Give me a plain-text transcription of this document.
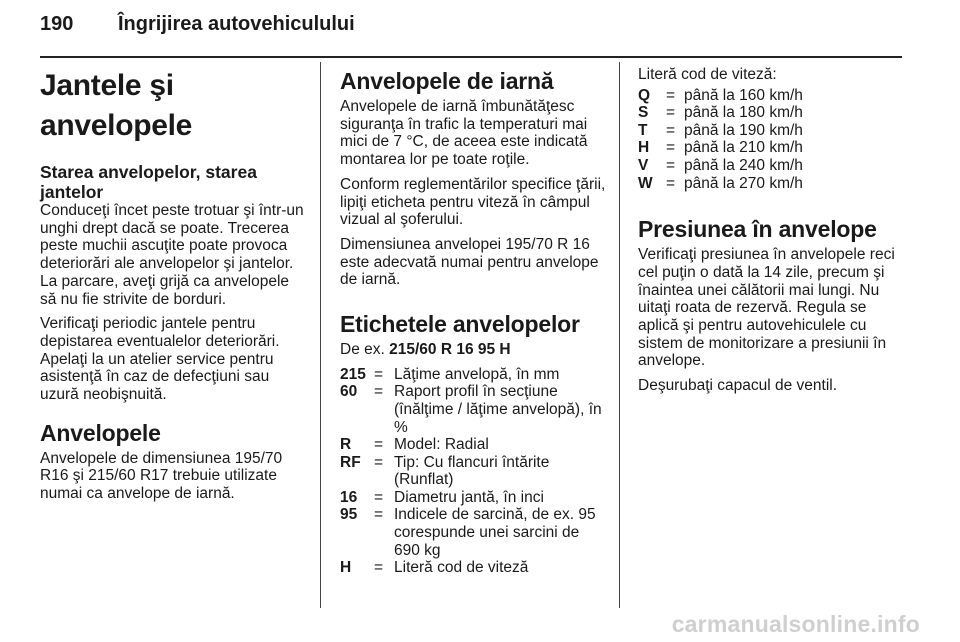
190 Îngrijirea autovehiculului
Jantele şi anvelopele
Starea anvelopelor, starea jantelor

Conduceţi încet peste trotuar şi într-un unghi drept dacă se poate. Trecerea peste muchii ascuţite poate provoca deteriorări ale anvelopelor şi jantelor. La parcare, aveţi grijă ca anvelopele să nu fie strivite de borduri.

Verificaţi periodic jantele pentru depistarea eventualelor deteriorări. Apelaţi la un atelier service pentru asistenţă în caz de defecţiuni sau uzură neobişnuită.

Anvelopele

Anvelopele de dimensiunea 195/70 R16 şi 215/60 R17 trebuie utilizate numai ca anvelope de iarnă.

Anvelopele de iarnă

Anvelopele de iarnă îmbunătăţesc siguranţa în trafic la temperaturi mai mici de 7 °C, de aceea este indicată montarea lor pe toate roţile.

Conform reglementărilor specifice ţării, lipiţi eticheta pentru viteză în câmpul vizual al şoferului.

Dimensiunea anvelopei 195/70 R 16 este adecvată numai pentru anvelope de iarnă.

Etichetele anvelopelor

De ex. 215/60 R 16 95 H

215 = Lăţime anvelopă, în mm
60	= Raport profil în secţiune (înălţime / lăţime anvelopă), în %
R	= Model: Radial
RF = Tip: Cu flancuri întărite (Runflat)
16	= Diametru jantă, în inci
95	= Indicele de sarcină, de ex. 95 corespunde unei sarcini de 690 kg
H	= Literă cod de viteză

Literă cod de viteză:

Q	= până la 160 km/h
S	= până la 180 km/h
T	= până la 190 km/h
H	= până la 210 km/h
V	= până la 240 km/h
W = până la 270 km/h
Presiunea în anvelope

Verificaţi presiunea în anvelopele reci cel puţin o dată la 14 zile, precum şi înaintea unei călătorii mai lungi. Nu uitaţi roata de rezervă. Regula se aplică şi pentru autovehiculele cu sistem de monitorizare a presiunii în anvelope.

Deşurubaţi capacul de ventil.

carmanualsonline.info
